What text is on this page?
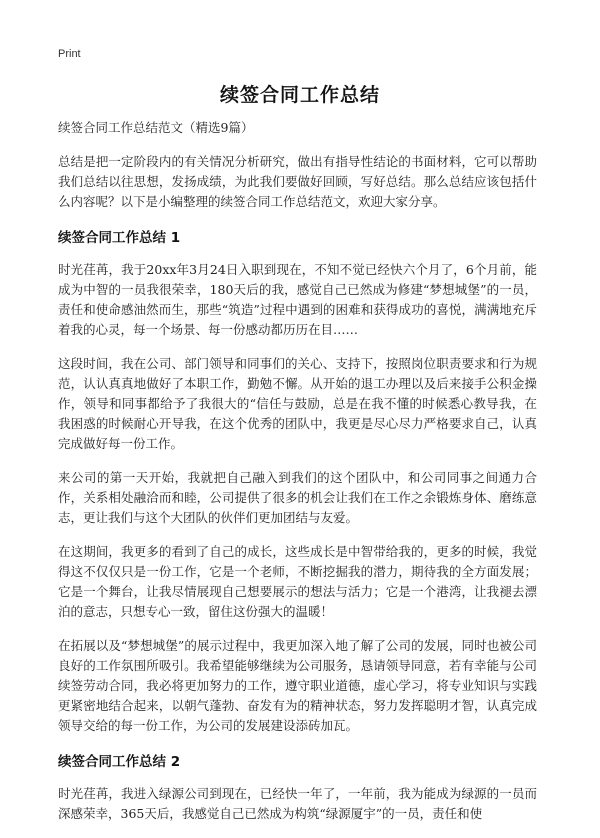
Print
续签合同工作总结
续签合同工作总结范文（精选9篇）

总结是把一定阶段内的有关情况分析研究，做出有指导性结论的书面材料，它可以帮助我们总结以往思想，发扬成绩，为此我们要做好回顾，写好总结。那么总结应该包括什么内容呢？以下是小编整理的续签合同工作总结范文，欢迎大家分享。

续签合同工作总结 1

时光荏苒，我于20xx年3月24日入职到现在，不知不觉已经快六个月了，6个月前，能成为中智的一员我很荣幸，180天后的我，感觉自己已然成为修建“梦想城堡”的一员，责任和使命感油然而生，那些“筑造”过程中遇到的困难和获得成功的喜悦，满满地充斥着我的心灵，每一个场景、每一份感动都历历在目……

这段时间，我在公司、部门领导和同事们的关心、支持下，按照岗位职责要求和行为规范，认认真真地做好了本职工作，勤勉不懈。从开始的退工办理以及后来接手公积金操作，领导和同事都给予了我很大的“信任与鼓励，总是在我不懂的时候悉心教导我，在我困惑的时候耐心开导我，在这个优秀的团队中，我更是尽心尽力严格要求自己，认真完成做好每一份工作。

来公司的第一天开始，我就把自己融入到我们的这个团队中，和公司同事之间通力合作，关系相处融洽而和睦，公司提供了很多的机会让我们在工作之余锻炼身体、磨练意志，更让我们与这个大团队的伙伴们更加团结与友爱。

在这期间，我更多的看到了自己的成长，这些成长是中智带给我的，更多的时候，我觉得这不仅仅只是一份工作，它是一个老师，不断挖掘我的潜力，期待我的全方面发展；它是一个舞台，让我尽情展现自己想要展示的想法与活力；它是一个港湾，让我褪去漂泊的意志，只想专心一致，留住这份强大的温暖！

在拓展以及“梦想城堡”的展示过程中，我更加深入地了解了公司的发展，同时也被公司良好的工作氛围所吸引。我希望能够继续为公司服务，恳请领导同意，若有幸能与公司续签劳动合同，我必将更加努力的工作，遵守职业道德，虚心学习，将专业知识与实践更紧密地结合起来，以朝气蓬勃、奋发有为的精神状态，努力发挥聪明才智，认真完成领导交给的每一份工作，为公司的发展建设添砖加瓦。

续签合同工作总结 2

时光荏苒，我进入绿源公司到现在，已经快一年了，一年前，我为能成为绿源的一员而深感荣幸，365天后，我感觉自己已然成为构筑“绿源厦宇”的一员，责任和使
